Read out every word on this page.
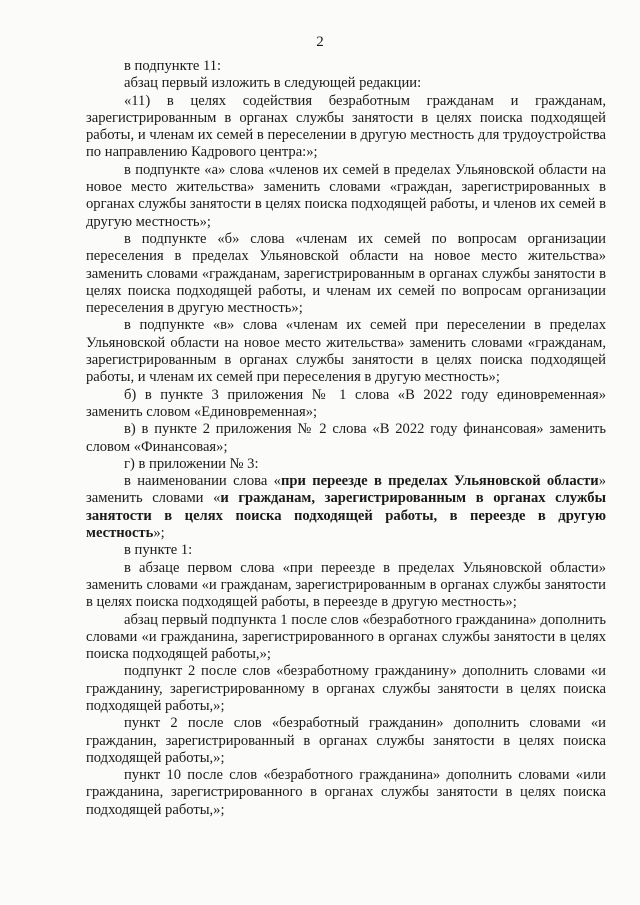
2

в подпункте 11:

абзац первый изложить в следующей редакции:

«11) в целях содействия безработным гражданам и гражданам, зарегистрированным в органах службы занятости в целях поиска подходящей работы, и членам их семей в переселении в другую местность для трудоустройства по направлению Кадрового центра:»;

в подпункте «а» слова «членов их семей в пределах Ульяновской области на новое место жительства» заменить словами «граждан, зарегистрированных в органах службы занятости в целях поиска подходящей работы, и членов их семей в другую местность»;

в подпункте «б» слова «членам их семей по вопросам организации переселения в пределах Ульяновской области на новое место жительства» заменить словами «гражданам, зарегистрированным в органах службы занятости в целях поиска подходящей работы, и членам их семей по вопросам организации переселения в другую местность»;

в подпункте «в» слова «членам их семей при переселении в пределах Ульяновской области на новое место жительства» заменить словами «гражданам, зарегистрированным в органах службы занятости в целях поиска подходящей работы, и членам их семей при переселения в другую местность»;

б) в пункте 3 приложения № 1 слова «В 2022 году единовременная» заменить словом «Единовременная»;

в) в пункте 2 приложения № 2 слова «В 2022 году финансовая» заменить словом «Финансовая»;

г) в приложении № 3:

в наименовании слова «при переезде в пределах Ульяновской области» заменить словами «и гражданам, зарегистрированным в органах службы занятости в целях поиска подходящей работы, в переезде в другую местность»;

в пункте 1:

в абзаце первом слова «при переезде в пределах Ульяновской области» заменить словами «и гражданам, зарегистрированным в органах службы занятости в целях поиска подходящей работы, в переезде в другую местность»;

абзац первый подпункта 1 после слов «безработного гражданина» дополнить словами «и гражданина, зарегистрированного в органах службы занятости в целях поиска подходящей работы,»;

подпункт 2 после слов «безработному гражданину» дополнить словами «и гражданину, зарегистрированному в органах службы занятости в целях поиска подходящей работы,»;

пункт 2 после слов «безработный гражданин» дополнить словами «и гражданин, зарегистрированный в органах службы занятости в целях поиска подходящей работы,»;

пункт 10 после слов «безработного гражданина» дополнить словами «или гражданина, зарегистрированного в органах службы занятости в целях поиска подходящей работы,»;
